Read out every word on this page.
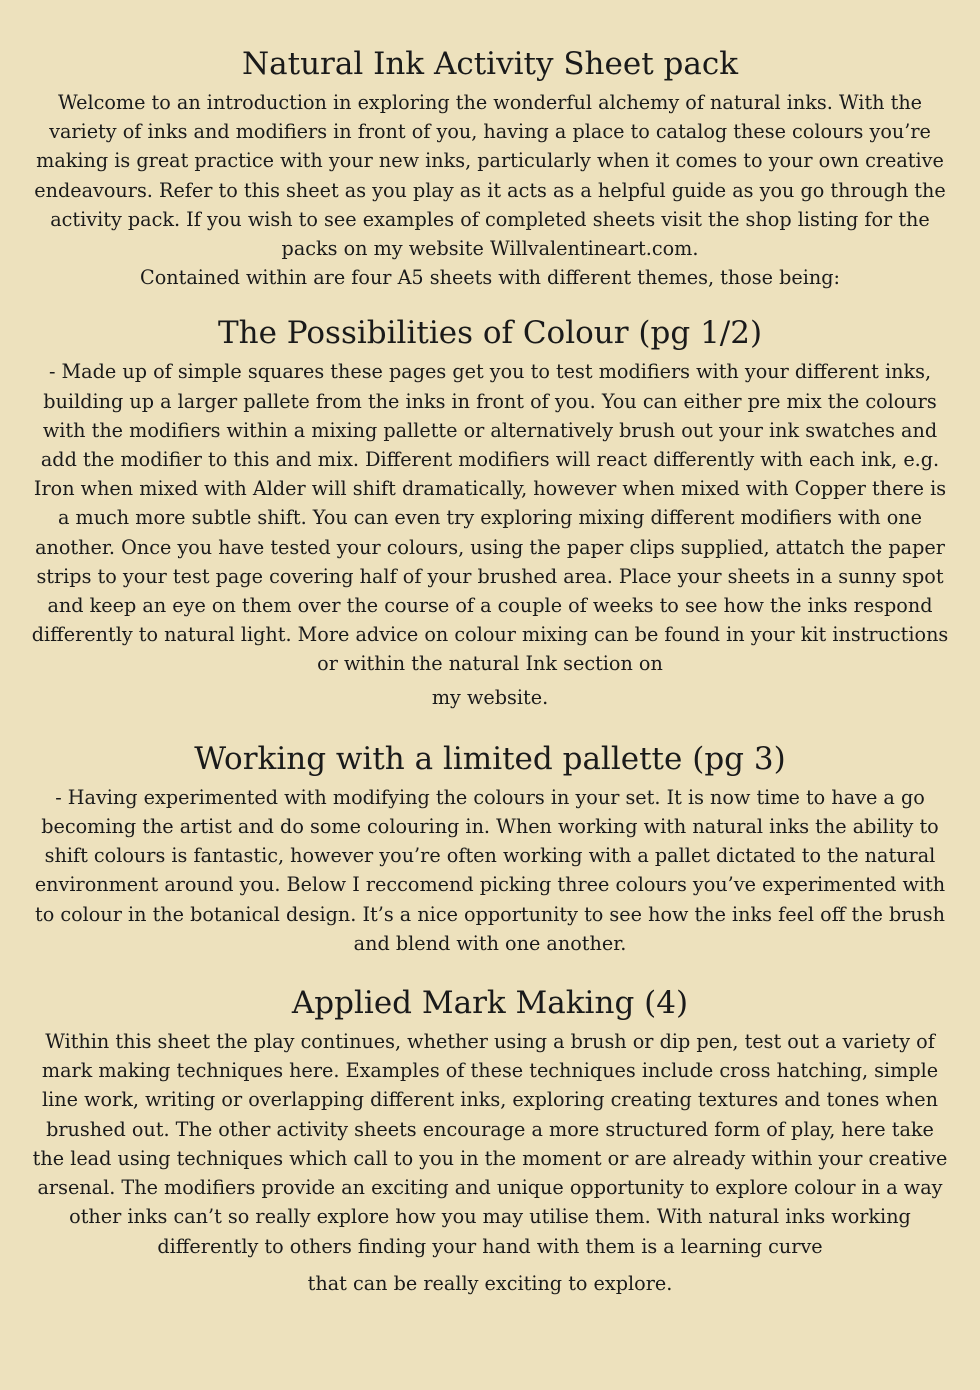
Natural Ink Activity Sheet pack

Welcome to an introduction in exploring the wonderful alchemy of natural inks. With the variety of inks and modifiers in front of you, having a place to catalog these colours you’re making is great practice with your new inks, particularly when it comes to your own creative endeavours. Refer to this sheet as you play as it acts as a helpful guide as you go through the activity pack. If you wish to see examples of completed sheets visit the shop listing for the packs on my website Willvalentineart.com.

Contained within are four A5 sheets with different themes, those being:

The Possibilities of Colour (pg 1/2)

- Made up of simple squares these pages get you to test modifiers with your different inks, building up a larger pallete from the inks in front of you. You can either pre mix the colours with the modifiers within a mixing pallette or alternatively brush out your ink swatches and add the modifier to this and mix. Different modifiers will react differently with each ink, e.g. Iron when mixed with Alder will shift dramatically, however when mixed with Copper there is a much more subtle shift. You can even try exploring mixing different modifiers with one another. Once you have tested your colours, using the paper clips supplied, attatch the paper strips to your test page covering half of your brushed area. Place your sheets in a sunny spot and keep an eye on them over the course of a couple of weeks to see how the inks respond differently to natural light. More advice on colour mixing can be found in your kit instructions or within the natural Ink section on

my website.

Working with a limited pallette (pg 3)

- Having experimented with modifying the colours in your set. It is now time to have a go becoming the artist and do some colouring in. When working with natural inks the ability to shift colours is fantastic, however you’re often working with a pallet dictated to the natural environment around you. Below I reccomend picking three colours you’ve experimented with to colour in the botanical design. It’s a nice opportunity to see how the inks feel off the brush and blend with one another.

Applied Mark Making (4)

Within this sheet the play continues, whether using a brush or dip pen, test out a variety of mark making techniques here. Examples of these techniques include cross hatching, simple line work, writing or overlapping different inks, exploring creating textures and tones when brushed out. The other activity sheets encourage a more structured form of play, here take the lead using techniques which call to you in the moment or are already within your creative arsenal. The modifiers provide an exciting and unique opportunity to explore colour in a way other inks can’t so really explore how you may utilise them. With natural inks working differently to others finding your hand with them is a learning curve

that can be really exciting to explore.
